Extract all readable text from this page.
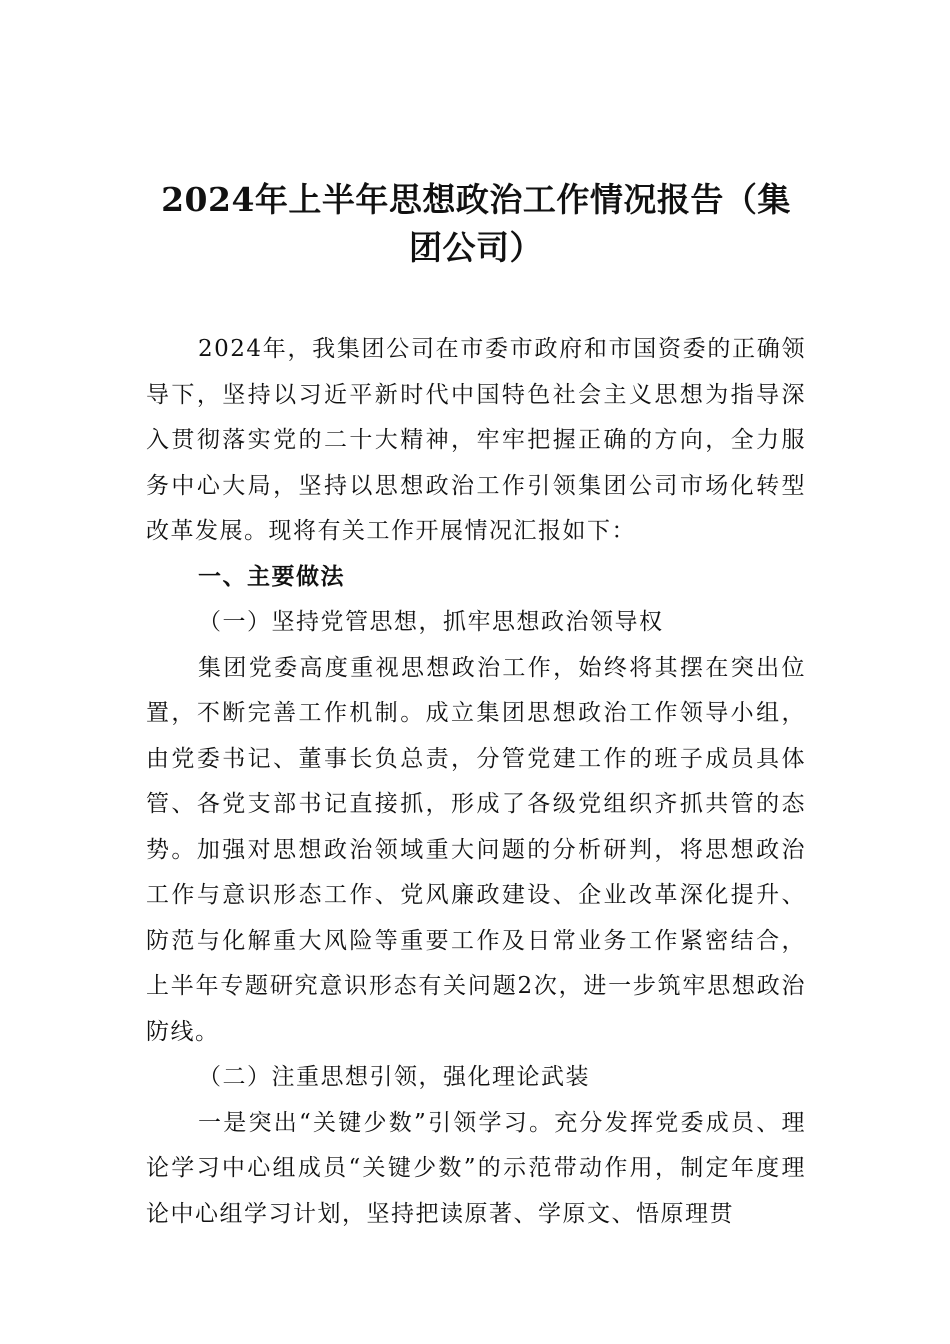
2024年上半年思想政治工作情况报告（集团公司）

2024年，我集团公司在市委市政府和市国资委的正确领导下，坚持以习近平新时代中国特色社会主义思想为指导深入贯彻落实党的二十大精神，牢牢把握正确的方向，全力服务中心大局，坚持以思想政治工作引领集团公司市场化转型改革发展。现将有关工作开展情况汇报如下：

一、主要做法

（一）坚持党管思想，抓牢思想政治领导权

集团党委高度重视思想政治工作，始终将其摆在突出位置，不断完善工作机制。成立集团思想政治工作领导小组，由党委书记、董事长负总责，分管党建工作的班子成员具体管、各党支部书记直接抓，形成了各级党组织齐抓共管的态势。加强对思想政治领域重大问题的分析研判，将思想政治工作与意识形态工作、党风廉政建设、企业改革深化提升、防范与化解重大风险等重要工作及日常业务工作紧密结合，上半年专题研究意识形态有关问题2次，进一步筑牢思想政治防线。

（二）注重思想引领，强化理论武装

一是突出“关键少数”引领学习。充分发挥党委成员、理论学习中心组成员“关键少数”的示范带动作用，制定年度理论中心组学习计划，坚持把读原著、学原文、悟原理贯
